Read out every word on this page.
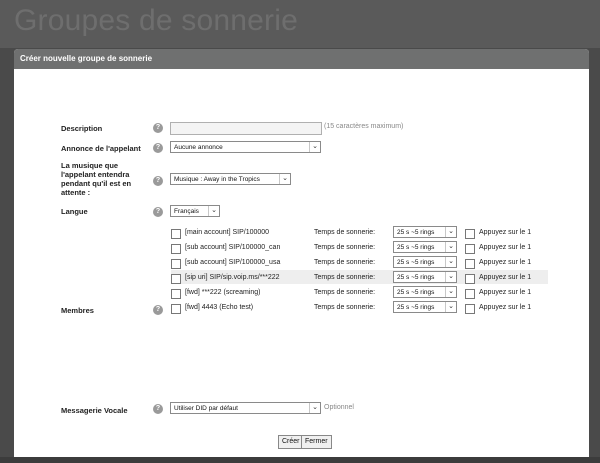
Groupes de sonnerie
Créer nouvelle groupe de sonnerie
Description	?	(15 caractères maximum)
Annonce de l'appelant	?	Aucune annonce	⌄
La musique que l'appelant entendra pendant qu'il est en attente :
?	Musique : Away in the Tropics	⌄
Langue	?	Français	⌄
[main account] SIP/100000	Temps de sonnerie:	25 s ~5 rings	⌄	Appuyez sur le 1
[sub account] SIP/100000_can	Temps de sonnerie:	25 s ~5 rings	⌄	Appuyez sur le 1
[sub account] SIP/100000_usa	Temps de sonnerie:	25 s ~5 rings	⌄	Appuyez sur le 1
[sip uri] SIP/sip.voip.ms/***222	Temps de sonnerie:	25 s ~5 rings	⌄	Appuyez sur le 1
[fwd] ***222 (screaming)	Temps de sonnerie:	25 s ~5 rings	⌄	Appuyez sur le 1
[fwd] 4443 (Echo test)	Temps de sonnerie:	25 s ~5 rings	⌄	Appuyez sur le 1
Membres	?
Messagerie Vocale	?	Utiliser DID par défaut	⌄ Optionnel
Créer Fermer
